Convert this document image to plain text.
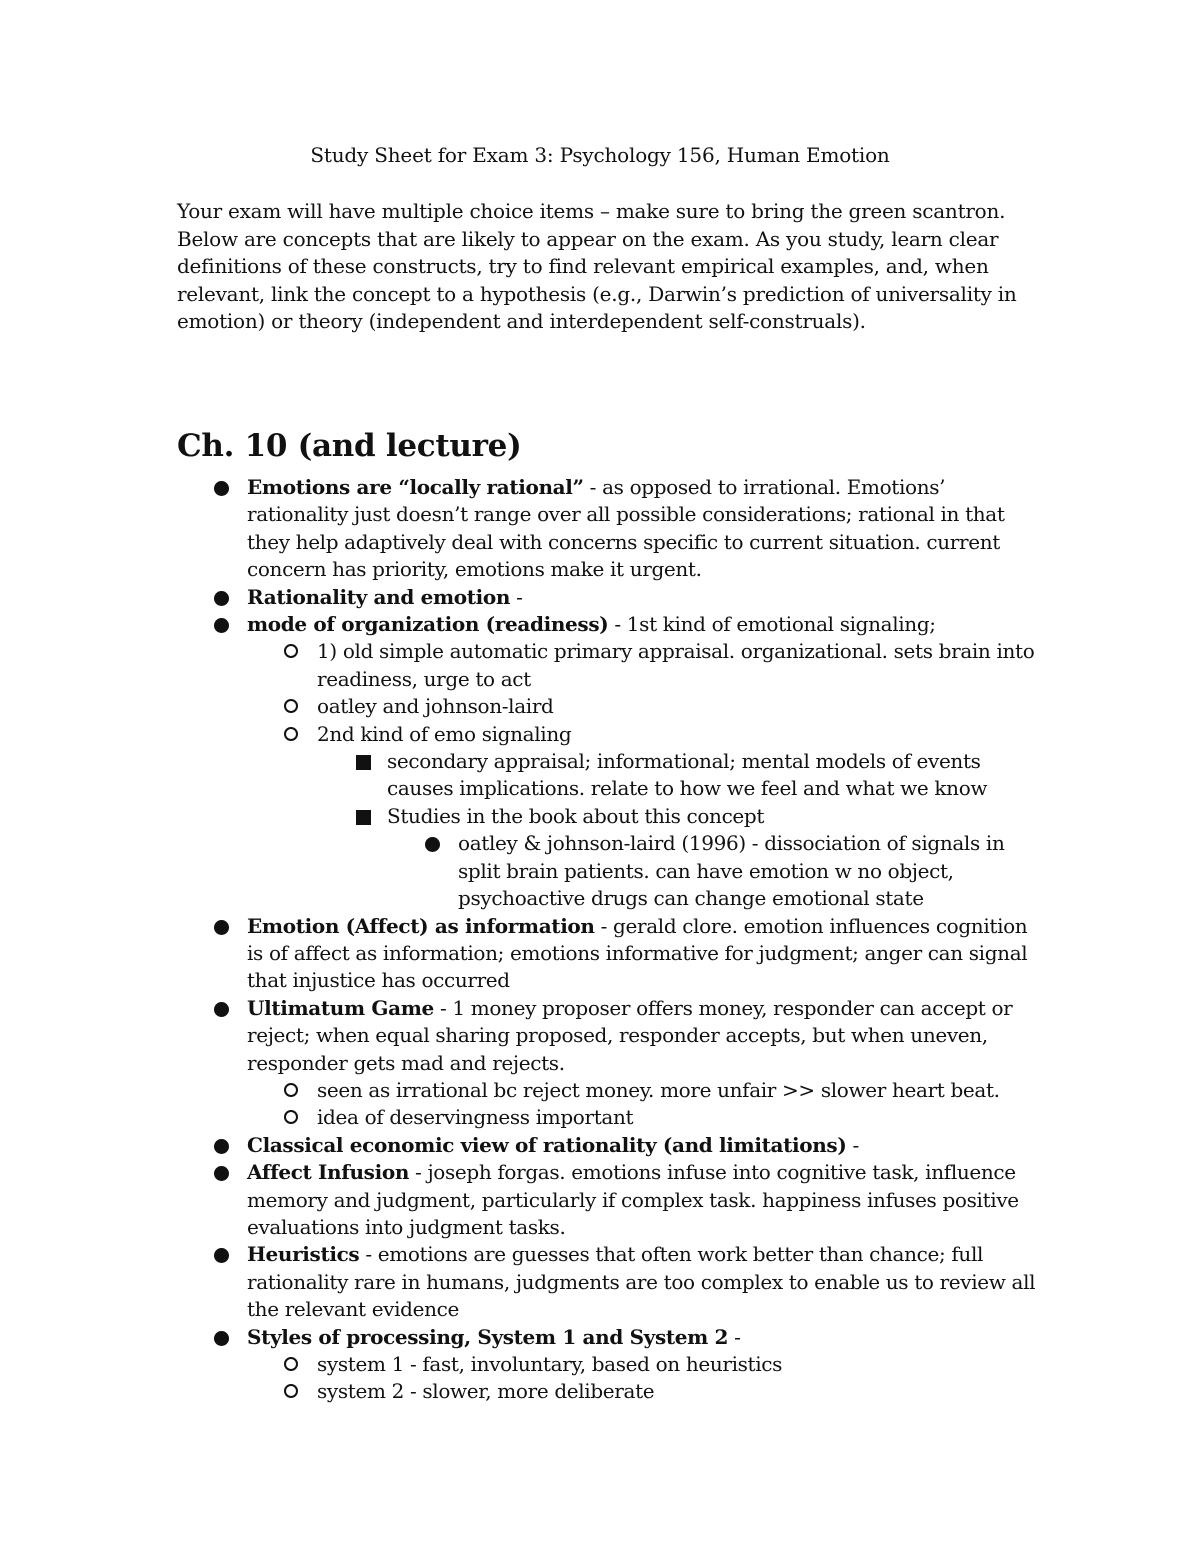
Study Sheet for Exam 3: Psychology 156, Human Emotion
Your exam will have multiple choice items – make sure to bring the green scantron.
Below are concepts that are likely to appear on the exam. As you study, learn clear
definitions of these constructs, try to find relevant empirical examples, and, when
relevant, link the concept to a hypothesis (e.g., Darwin’s prediction of universality in
emotion) or theory (independent and interdependent self-construals).
Ch. 10 (and lecture)
Emotions are “locally rational” - as opposed to irrational. Emotions’ rationality just doesn’t range over all possible considerations; rational in that they help adaptively deal with concerns specific to current situation. current concern has priority, emotions make it urgent.
Rationality and emotion -
mode of organization (readiness) - 1st kind of emotional signaling;
1) old simple automatic primary appraisal. organizational. sets brain into readiness, urge to act
oatley and johnson-laird
2nd kind of emo signaling
secondary appraisal; informational; mental models of events causes implications. relate to how we feel and what we know
Studies in the book about this concept
oatley & johnson-laird (1996) - dissociation of signals in split brain patients. can have emotion w no object, psychoactive drugs can change emotional state
Emotion (Affect) as information - gerald clore. emotion influences cognition is of affect as information; emotions informative for judgment; anger can signal that injustice has occurred
Ultimatum Game - 1 money proposer offers money, responder can accept or reject; when equal sharing proposed, responder accepts, but when uneven, responder gets mad and rejects.
seen as irrational bc reject money. more unfair >> slower heart beat.
idea of deservingness important
Classical economic view of rationality (and limitations) -
Affect Infusion - joseph forgas. emotions infuse into cognitive task, influence memory and judgment, particularly if complex task. happiness infuses positive evaluations into judgment tasks.
Heuristics - emotions are guesses that often work better than chance; full rationality rare in humans, judgments are too complex to enable us to review all the relevant evidence
Styles of processing, System 1 and System 2 -
system 1 - fast, involuntary, based on heuristics
system 2 - slower, more deliberate
